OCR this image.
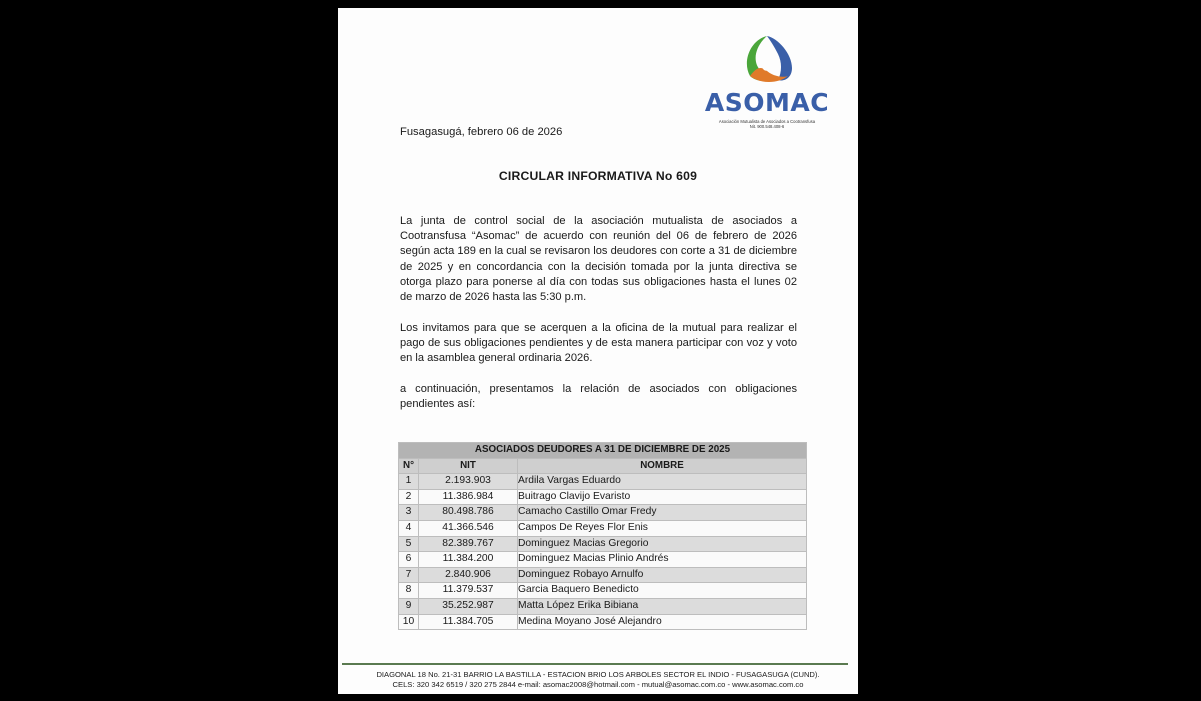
ASOMAC
Asociación Mutualista de Asociados a Cootransfusa
Nit. 900.548.408-6
Fusagasugá, febrero 06 de 2026
CIRCULAR INFORMATIVA No 609

La junta de control social de la asociación mutualista de asociados a Cootransfusa “Asomac” de acuerdo con reunión del 06 de febrero de 2026 según acta 189 en la cual se revisaron los deudores con corte a 31 de diciembre de 2025 y en concordancia con la decisión tomada por la junta directiva se otorga plazo para ponerse al día con todas sus obligaciones hasta el lunes 02 de marzo de 2026 hasta las 5:30 p.m.

Los invitamos para que se acerquen a la oficina de la mutual para realizar el pago de sus obligaciones pendientes y de esta manera participar con voz y voto en la asamblea general ordinaria 2026.

a continuación, presentamos la relación de asociados con obligaciones pendientes así:

ASOCIADOS DEUDORES A 31 DE DICIEMBRE DE 2025		
N°	NIT	NOMBRE
1	2.193.903	Ardila Vargas Eduardo
2	11.386.984	Buitrago Clavijo Evaristo
3	80.498.786	Camacho Castillo Omar Fredy
4	41.366.546	Campos De Reyes Flor Enis
5	82.389.767	Dominguez Macias Gregorio
6	11.384.200	Dominguez Macias Plinio Andrés
7	2.840.906	Dominguez Robayo Arnulfo
8	11.379.537	Garcia Baquero Benedicto
9	35.252.987	Matta López Erika Bibiana
10	11.384.705	Medina Moyano José Alejandro
DIAGONAL 18 No. 21-31 BARRIO LA BASTILLA - ESTACION BRIO LOS ARBOLES SECTOR EL INDIO - FUSAGASUGA (CUND).
CELS: 320 342 6519 / 320 275 2844 e-mail: asomac2008@hotmail.com - mutual@asomac.com.co - www.asomac.com.co
